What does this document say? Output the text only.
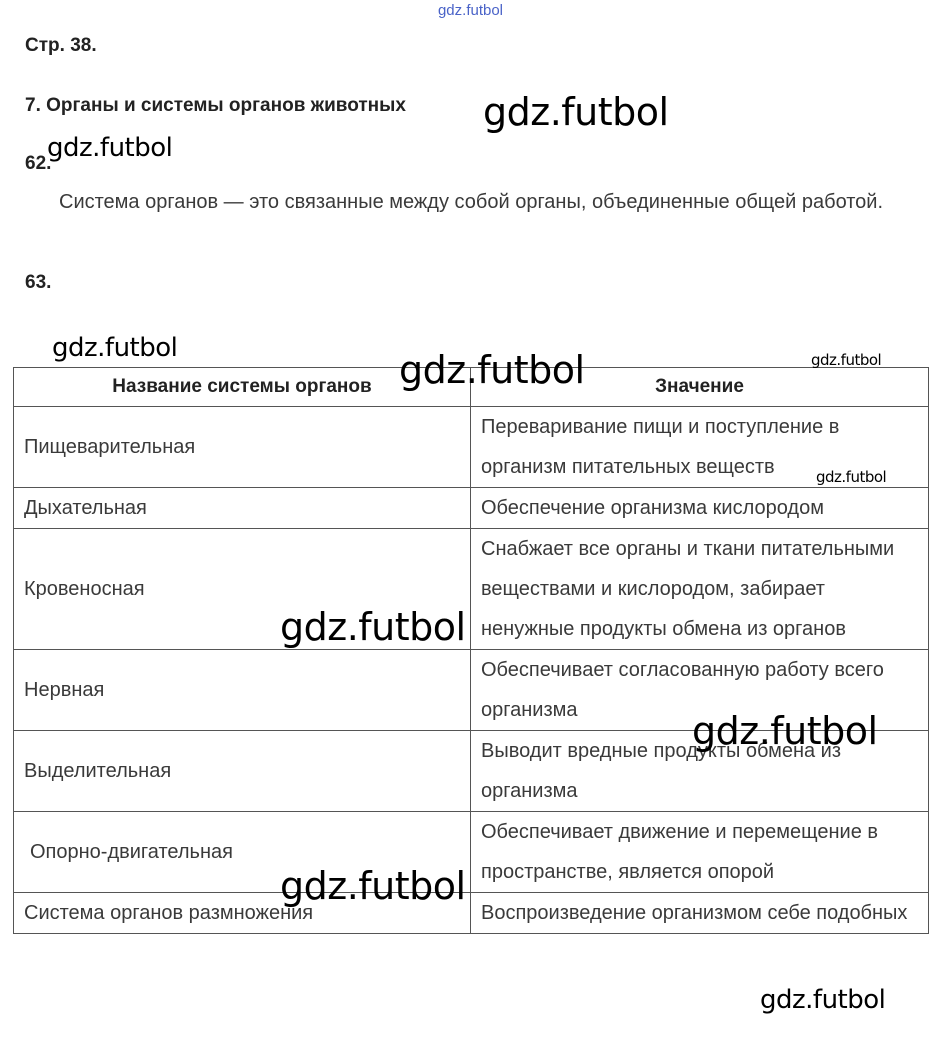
gdz.futbol
Стр. 38.
7. Органы и системы органов животных
62.
Система органов — это связанные между собой органы, объединенные общей работой.
63.
Название системы органов	Значение
Пищеварительная	Переваривание пищи и поступление в организм питательных веществ
Дыхательная	Обеспечение организма кислородом
Кровеносная	Снабжает все органы и ткани питательными веществами и кислородом, забирает ненужные продукты обмена из органов
Нервная	Обеспечивает согласованную работу всего организма
Выделительная	Выводит вредные продукты обмена из организма
Опорно-двигательная	Обеспечивает движение и перемещение в пространстве, является опорой
Система органов размножения	Воспроизведение организмом себе подобных
gdz.futbol
gdz.futbol
gdz.futbol	gdz.futbol	gdz.futbol
gdz.futbol
gdz.futbol
gdz.futbol
gdz.futbol
gdz.futbol
